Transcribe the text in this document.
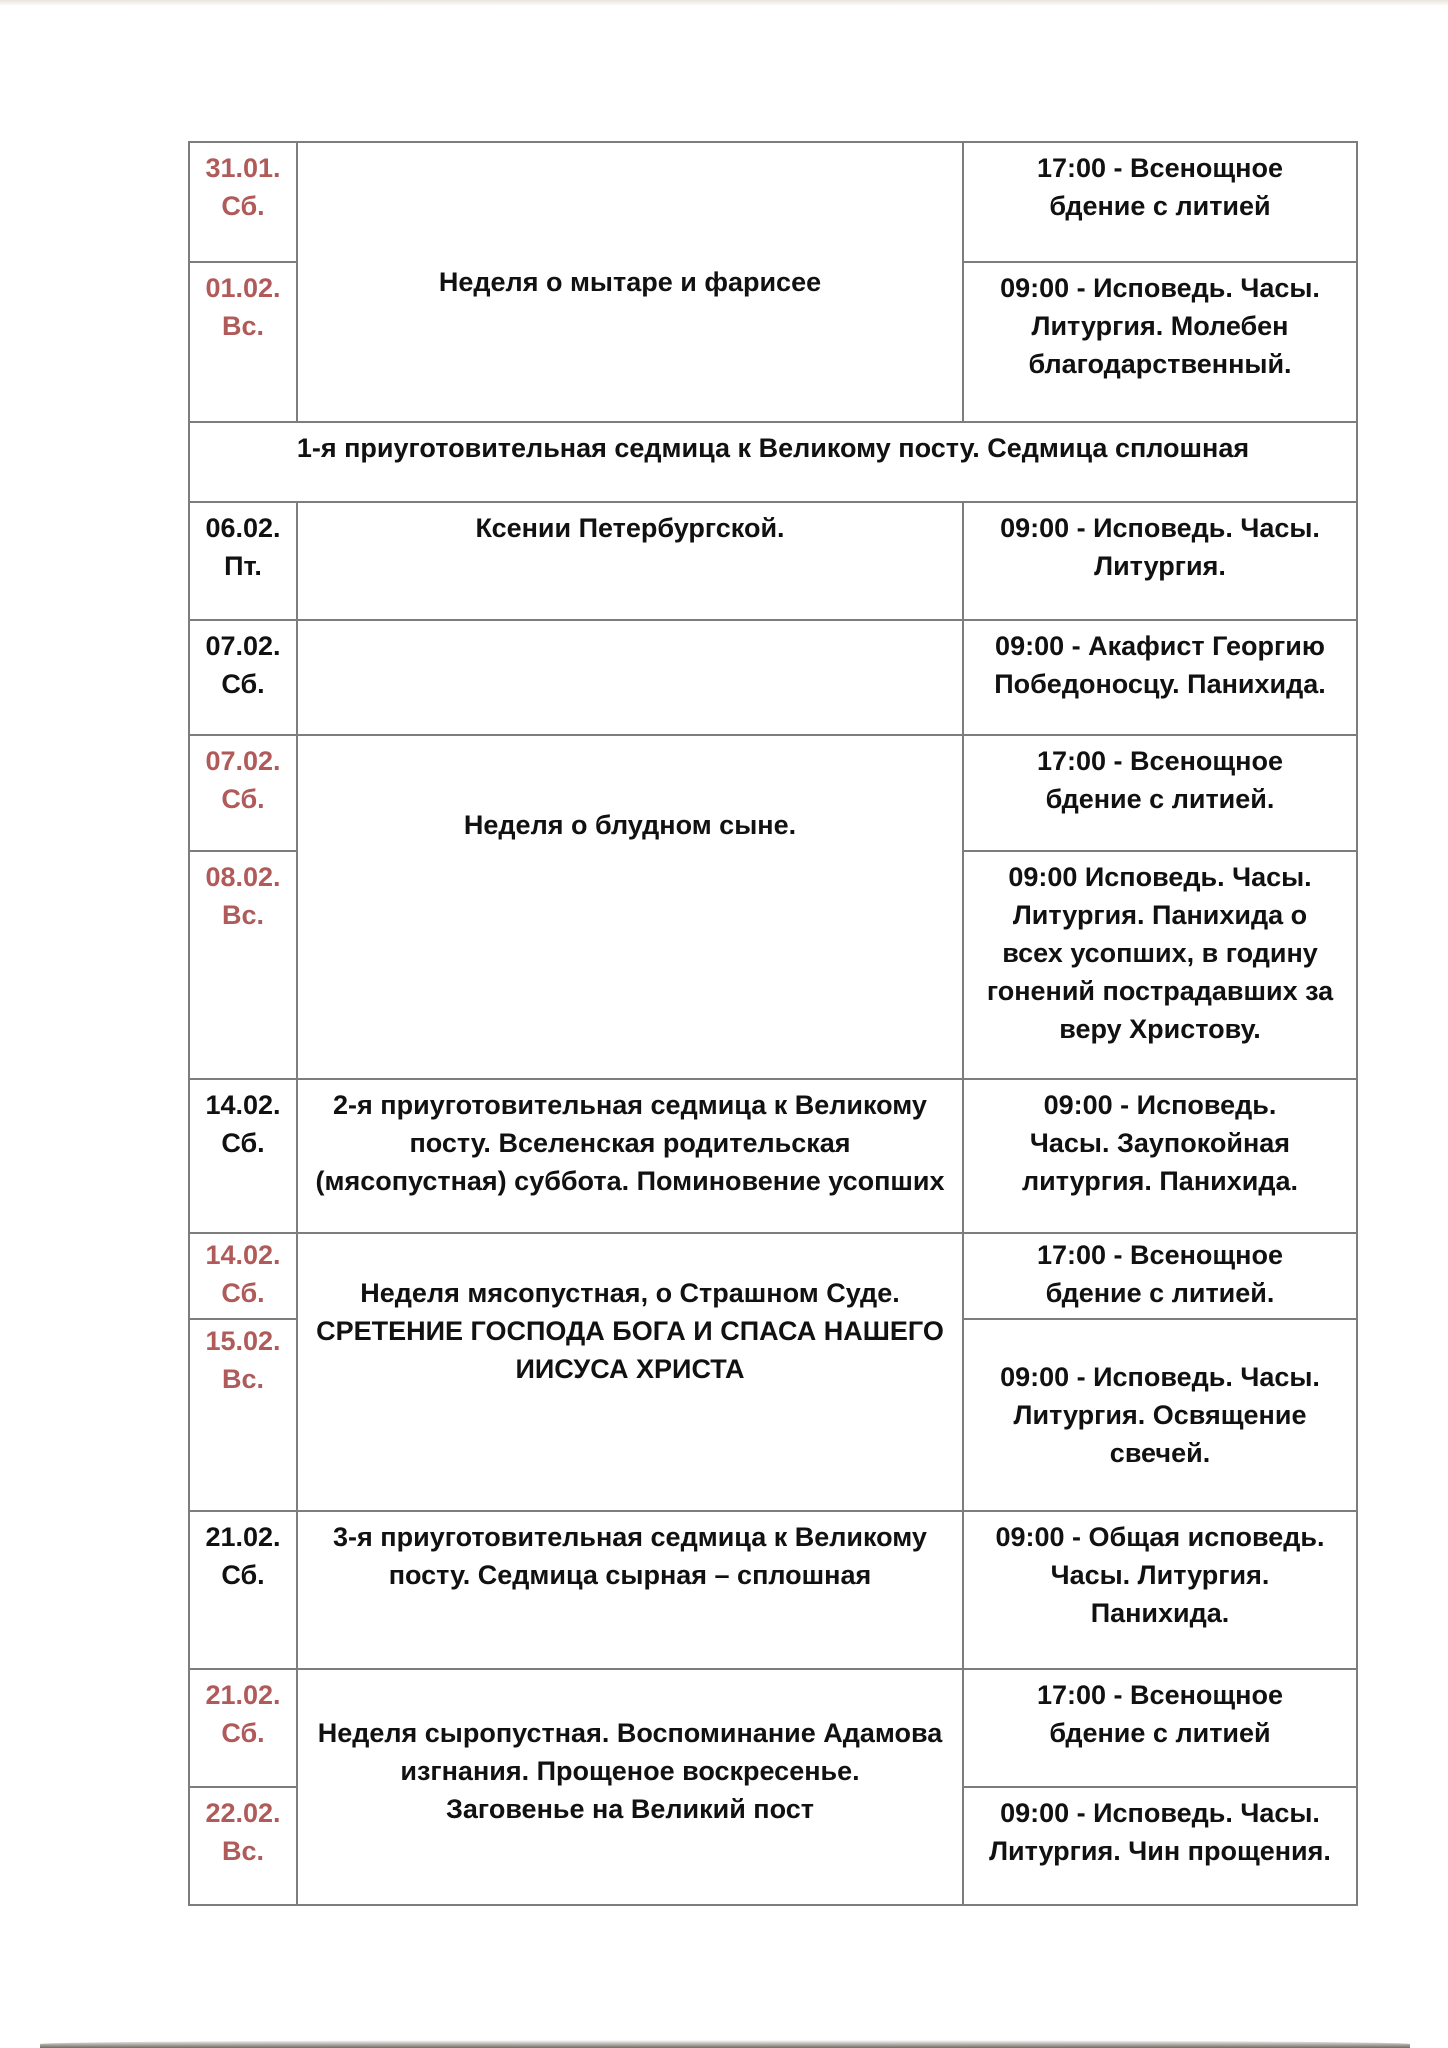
31.01.
Сб.	Неделя о мытаре и фарисее	17:00 - Всенощное
бдение с литией

01.02.
Вс.		09:00 - Исповедь. Часы.
Литургия. Молебен
благодарственный.

1-я приуготовительная седмица к Великому посту. Седмица сплошная		

06.02.
Пт.	Ксении Петербургской.	09:00 - Исповедь. Часы.
Литургия.

07.02.
Сб.		09:00 - Акафист Георгию
Победоносцу. Панихида.

07.02.
Сб.	Неделя о блудном сыне.	17:00 - Всенощное
бдение с литией.

08.02.
Вс.		09:00 Исповедь. Часы.
Литургия. Панихида о
всех усопших, в годину
гонений пострадавших за
веру Христову.

14.02.
Сб.	2-я приуготовительная седмица к Великому
посту. Вселенская родительская
(мясопустная) суббота. Поминовение усопших	09:00 - Исповедь.
Часы. Заупокойная
литургия. Панихида.

14.02.
Сб.	Неделя мясопустная, о Страшном Суде.
СРЕТЕНИЕ ГОСПОДА БОГА И СПАСА НАШЕГО
ИИСУСА ХРИСТА	17:00 - Всенощное
бдение с литией.

15.02.
Вс.		09:00 - Исповедь. Часы.
Литургия. Освящение
свечей.

21.02.
Сб.	3-я приуготовительная седмица к Великому
посту. Седмица сырная – сплошная	09:00 - Общая исповедь.
Часы. Литургия.
Панихида.

21.02.
Сб.	Неделя сыропустная. Воспоминание Адамова
изгнания. Прощеное воскресенье.
Заговенье на Великий пост	17:00 - Всенощное
бдение с литией

22.02.
Вс.		09:00 - Исповедь. Часы.
Литургия. Чин прощения.
